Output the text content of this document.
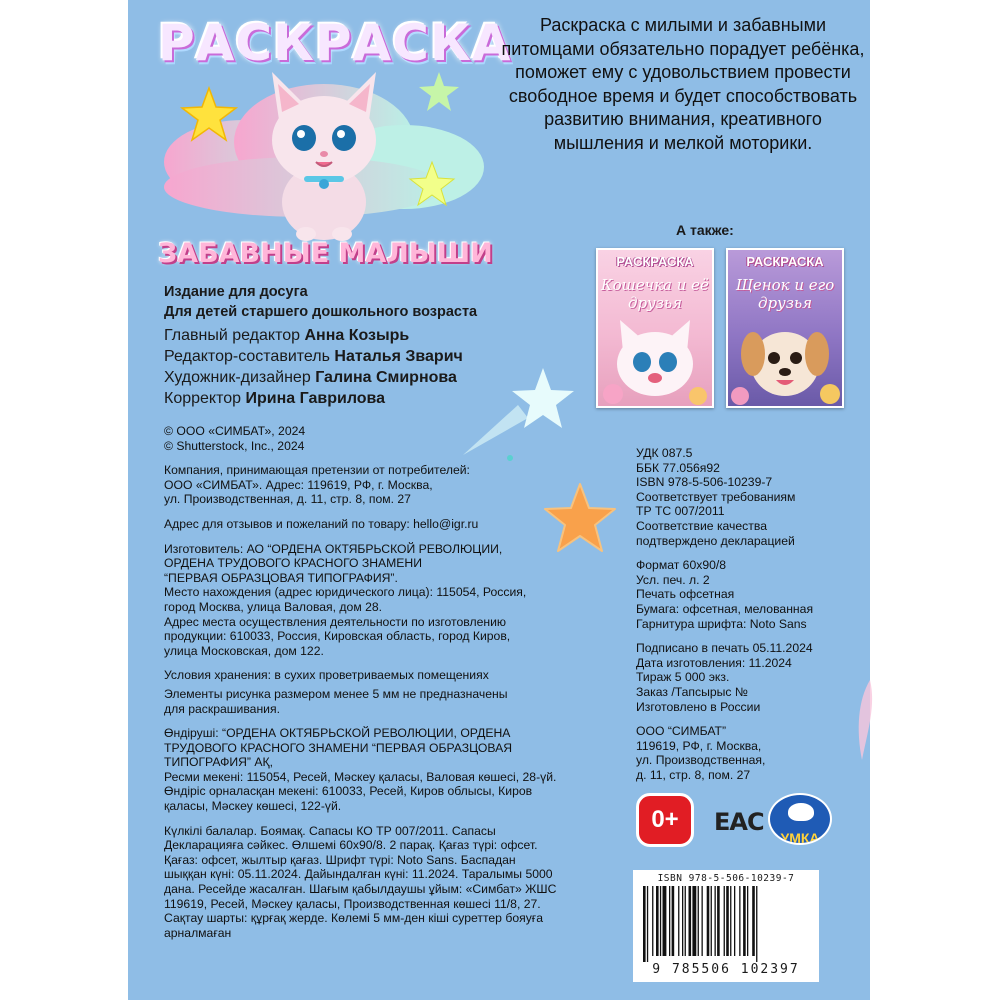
РАСКРАСКА
ЗАБАВНЫЕ МАЛЫШИ
Раскраска с милыми и забавными питомцами обязательно порадует ребёнка, поможет ему с удовольствием провести свободное время и будет способствовать развитию внимания, креативного мышления и мелкой моторики.
А также:
РАСКРАСКА
Кошечка и её друзья
РАСКРАСКА
Щенок и его друзья
Издание для досуга
Для детей старшего дошкольного возраста
Главный редактор Анна Козырь
Редактор-составитель Наталья Зварич
Художник-дизайнер Галина Смирнова
Корректор Ирина Гаврилова
© ООО «СИМБАТ», 2024
© Shutterstock, Inc., 2024
Компания, принимающая претензии от потребителей:
ООО «СИМБАТ». Адрес: 119619, РФ, г. Москва,
ул. Производственная, д. 11, стр. 8, пом. 27
Адрес для отзывов и пожеланий по товару: hello@igr.ru
Изготовитель: АО “ОРДЕНА ОКТЯБРЬСКОЙ РЕВОЛЮЦИИ,
ОРДЕНА ТРУДОВОГО КРАСНОГО ЗНАМЕНИ
“ПЕРВАЯ ОБРАЗЦОВАЯ ТИПОГРАФИЯ”.
Место нахождения (адрес юридического лица): 115054, Россия,
город Москва, улица Валовая, дом 28.
Адрес места осуществления деятельности по изготовлению
продукции: 610033, Россия, Кировская область, город Киров,
улица Московская, дом 122.
Условия хранения: в сухих проветриваемых помещениях
Элементы рисунка размером менее 5 мм не предназначены
для раскрашивания.
Өндіруші: “ОРДЕНА ОКТЯБРЬСКОЙ РЕВОЛЮЦИИ, ОРДЕНА
ТРУДОВОГО КРАСНОГО ЗНАМЕНИ “ПЕРВАЯ ОБРАЗЦОВАЯ
ТИПОГРАФИЯ” АҚ,
Ресми мекені: 115054, Ресей, Мәскеу қаласы, Валовая көшесі, 28-үй.
Өндіріс орналасқан мекені: 610033, Ресей, Киров облысы, Киров
қаласы, Мәскеу көшесі, 122-үй.
Күлкілі балалар. Боямақ. Сапасы КО ТР 007/2011. Сапасы
Декларацияға сәйкес. Өлшемі 60х90/8. 2 парақ. Қағаз түрі: офсет.
Қағаз: офсет, жылтыр қағаз. Шрифт түрі: Noto Sans. Баспадан
шыққан күні: 05.11.2024. Дайындалған күні: 11.2024. Таралымы 5000
дана. Ресейде жасалған. Шағым қабылдаушы ұйым: «Симбат» ЖШС
119619, Ресей, Мәскеу қаласы, Производственная көшесі 11/8, 27.
Сақтау шарты: құрғақ жерде. Көлемі 5 мм-ден кіші суреттер бояуға
арналмаған
УДК 087.5
ББК 77.056я92
ISBN 978-5-506-10239-7
Соответствует требованиям
ТР ТС 007/2011
Соответствие качества
подтверждено декларацией
Формат 60х90/8
Усл. печ. л. 2
Печать офсетная
Бумага: офсетная, мелованная
Гарнитура шрифта: Noto Sans
Подписано в печать 05.11.2024
Дата изготовления: 11.2024
Тираж 5 000 экз.
Заказ /Тапсырыс №
Изготовлено в России
ООО “СИМБАТ”
119619, РФ, г. Москва,
ул. Производственная,
д. 11, стр. 8, пом. 27
0+	ЕАС
УМКА
ISBN 978-5-506-10239-7
9 785506 102397
